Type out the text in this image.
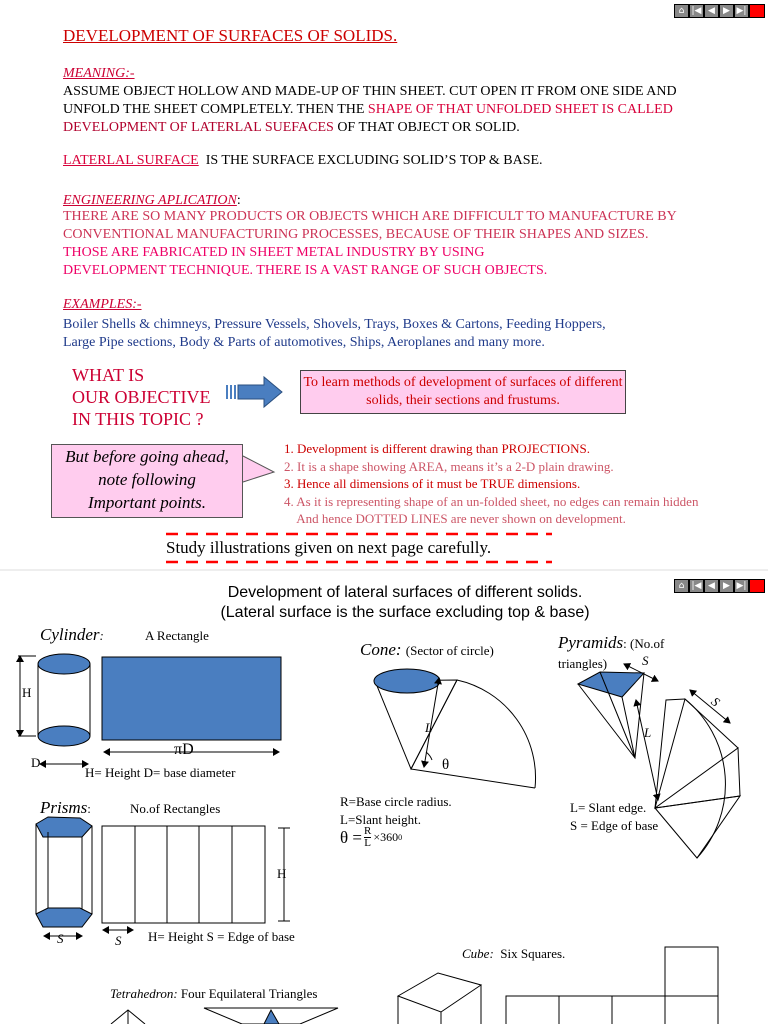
⌂ |◀ ◀ ▶ ▶|
⌂ |◀ ◀ ▶ ▶|
DEVELOPMENT OF SURFACES OF SOLIDS.
MEANING:-
ASSUME OBJECT HOLLOW AND MADE-UP OF THIN SHEET. CUT OPEN IT FROM ONE SIDE AND
UNFOLD THE SHEET COMPLETELY. THEN THE SHAPE OF THAT UNFOLDED SHEET IS CALLED
DEVELOPMENT OF LATERLAL SUEFACES OF THAT OBJECT OR SOLID.
LATERLAL SURFACE IS THE SURFACE EXCLUDING SOLID’S TOP & BASE.
ENGINEERING APLICATION:
THERE ARE SO MANY PRODUCTS OR OBJECTS WHICH ARE DIFFICULT TO MANUFACTURE BY
CONVENTIONAL MANUFACTURING PROCESSES, BECAUSE OF THEIR SHAPES AND SIZES.
THOSE ARE FABRICATED IN SHEET METAL INDUSTRY BY USING
DEVELOPMENT TECHNIQUE. THERE IS A VAST RANGE OF SUCH OBJECTS.
EXAMPLES:-
Boiler Shells & chimneys, Pressure Vessels, Shovels, Trays, Boxes & Cartons, Feeding Hoppers,
Large Pipe sections, Body & Parts of automotives, Ships, Aeroplanes and many more.
WHAT IS
OUR OBJECTIVE
IN THIS TOPIC ?
To learn methods of development of surfaces of different solids, their sections and frustums.
But before going ahead,
note following
Important points.
1. Development is different drawing than PROJECTIONS.
2. It is a shape showing AREA, means it’s a 2-D plain drawing.
3. Hence all dimensions of it must be TRUE dimensions.
4. As it is representing shape of an un-folded sheet, no edges can remain hidden
And hence DOTTED LINES are never shown on development.
Study illustrations given on next page carefully.
Development of lateral surfaces of different solids.
(Lateral surface is the surface excluding top & base)
Cylinder:	A Rectangle
H
D
πD
H= Height D= base diameter
Cone: (Sector of circle)
L
θ
R=Base circle radius.
L=Slant height.
$\theta = \frac{R}{L} \times 360$ 0
Pyramids: (No.of
triangles)	S
S
L
L= Slant edge.
S = Edge of base
Prisms:	No.of Rectangles
H
S	S H= Height S = Edge of base
Cube: Six Squares.
Tetrahedron: Four Equilateral Triangles
